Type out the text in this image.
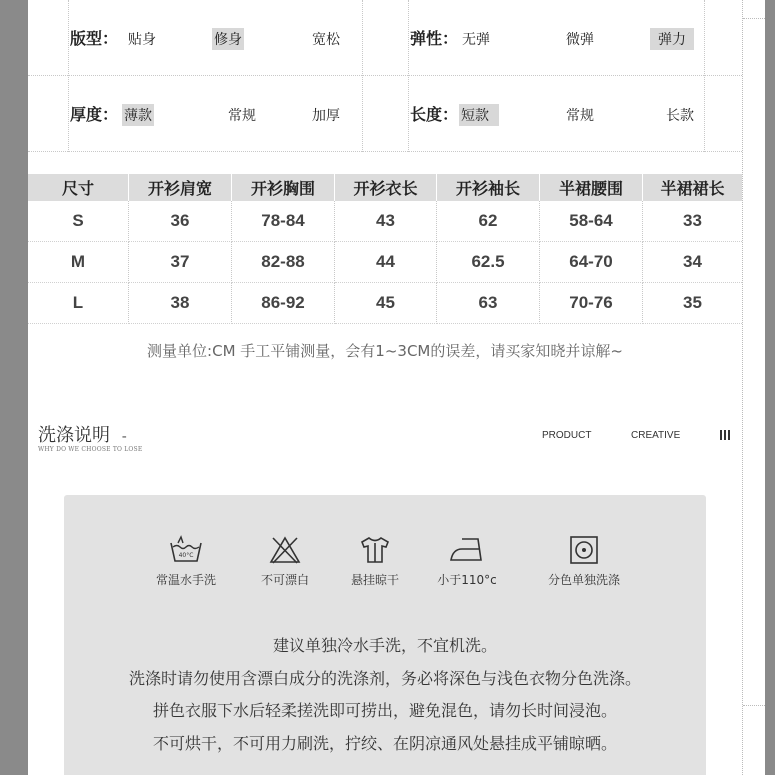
版型： 贴身	修身	宽松	弹性： 无弹	微弹	弹力
厚度： 薄款	常规	加厚	长度： 短款	常规	长款
尺寸	开衫肩宽	开衫胸围	开衫衣长	开衫袖长	半裙腰围	半裙裙长
S	36	78-84	43	62	58-64	33
M	37	82-88	44	62.5	64-70	34
L	38	86-92	45	63	70-76	35
测量单位:CM 手工平铺测量，会有1~3CM的误差，请买家知晓并谅解~
洗涤说明 -
WHY DO WE CHOOSE TO LOSE
PRODUCT	CREATIVE
40°C
常温水手洗	不可漂白	悬挂晾干	小于110°c	分色单独洗涤
建议单独冷水手洗，不宜机洗。
洗涤时请勿使用含漂白成分的洗涤剂，务必将深色与浅色衣物分色洗涤。
拼色衣服下水后轻柔搓洗即可捞出，避免混色，请勿长时间浸泡。
不可烘干，不可用力刷洗，拧绞、在阴凉通风处悬挂成平铺晾晒。
